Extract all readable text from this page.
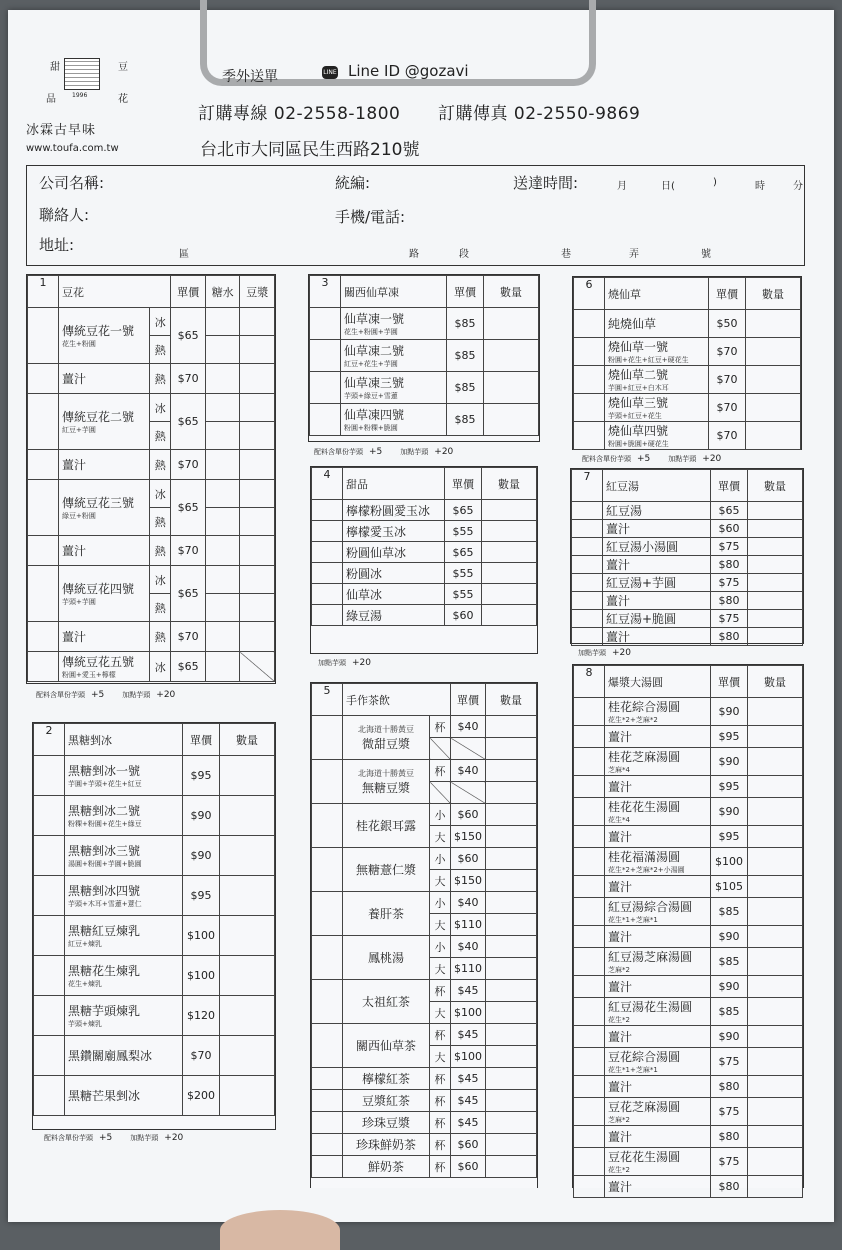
甜	豆
品	1996	花
冰霖古早味
www.toufa.com.tw
季外送單	LINE Line ID @gozavi
訂購專線 02-2558-1800 訂購傳真 02-2550-9869
台北市大同區民生西路210號
公司名稱:	統編:	送達時間:	月	日(	)	時	分
聯絡人:	手機/電話:
地址:
區	路	段	巷	弄	號
1	豆花		單價	糖水	豆漿
	傳統豆花一號
花生+粉圓	冰	$65		
		熱			
	薑汁	熱	$70		
	傳統豆花二號
紅豆+芋圓	冰	$65		
		熱			
	薑汁	熱	$70		
	傳統豆花三號
綠豆+粉圓	冰	$65		
		熱			
	薑汁	熱	$70		
	傳統豆花四號
芋頭+芋圓	冰	$65		
		熱			
	薑汁	熱	$70		
	傳統豆花五號
粉圓+愛玉+檸檬	冰	$65		
配料含單份芋頭 +5	加點芋頭 +20
2	黑糖剉冰	單價	數量
	黑糖剉冰一號
芋圓+芋頭+花生+紅豆	$95	
	黑糖剉冰二號
粉粿+粉圓+花生+綠豆	$90	
	黑糖剉冰三號
湯圓+粉圓+芋圓+脆圓	$90	
	黑糖剉冰四號
芋頭+木耳+雪蓮+薏仁	$95	
	黑糖紅豆煉乳
紅豆+煉乳	$100	
	黑糖花生煉乳
花生+煉乳	$100	
	黑糖芋頭煉乳
芋頭+煉乳	$120	
	黑鑽關廟鳳梨冰	$70	
	黑糖芒果剉冰	$200	
配料含單份芋頭 +5	加點芋頭 +20
3	關西仙草凍	單價	數量
	仙草凍一號
花生+粉圓+芋圓	$85	
	仙草凍二號
紅豆+花生+芋圓	$85	
	仙草凍三號
芋頭+綠豆+雪蓮	$85	
	仙草凍四號
粉圓+粉粿+脆圓	$85	
配料含單份芋頭 +5	加點芋頭 +20
4	甜品	單價	數量
	檸檬粉圓愛玉冰	$65	
	檸檬愛玉冰	$55	
	粉圓仙草冰	$65	
	粉圓冰	$55	
	仙草冰	$55	
	綠豆湯	$60	
加點芋頭 +20
5	手作茶飲		單價	數量

	北海道十勝黃豆
微甜豆漿	杯	$40	

	北海道十勝黃豆
無糖豆漿	杯	$40	

	桂花銀耳露	小	$60	
		大	$150	
	無糖薏仁漿	小	$60	
		大	$150	
	養肝茶	小	$40	
		大	$110	
	鳳桃湯	小	$40	
		大	$110	
	太祖紅茶	杯	$45	
		大	$100	
	關西仙草茶	杯	$45	
		大	$100	
	檸檬紅茶	杯	$45	
	豆漿紅茶	杯	$45	
	珍珠豆漿	杯	$45	
	珍珠鮮奶茶	杯	$60	
	鮮奶茶	杯	$60	
6	燒仙草	單價	數量
	純燒仙草	$50	
	燒仙草一號
粉圓+花生+紅豆+硬花生	$70	
	燒仙草二號
芋圓+紅豆+白木耳	$70	
	燒仙草三號
芋頭+紅豆+花生	$70	
	燒仙草四號
粉圓+脆圓+硬花生	$70	
配料含單份芋頭 +5	加點芋頭 +20
7	紅豆湯	單價	數量
	紅豆湯	$65	
	薑汁	$60	
	紅豆湯小湯圓	$75	
	薑汁	$80	
	紅豆湯+芋圓	$75	
	薑汁	$80	
	紅豆湯+脆圓	$75	
	薑汁	$80	
加點芋頭 +20
8	爆漿大湯圓	單價	數量
	桂花綜合湯圓
花生*2+芝麻*2	$90	
	薑汁	$95	
	桂花芝麻湯圓
芝麻*4	$90	
	薑汁	$95	
	桂花花生湯圓
花生*4	$90	
	薑汁	$95	
	桂花福滿湯圓
花生*2+芝麻*2+小湯圓	$100	
	薑汁	$105	
	紅豆湯綜合湯圓
花生*1+芝麻*1	$85	
	薑汁	$90	
	紅豆湯芝麻湯圓
芝麻*2	$85	
	薑汁	$90	
	紅豆湯花生湯圓
花生*2	$85	
	薑汁	$90	
	豆花綜合湯圓
花生*1+芝麻*1	$75	
	薑汁	$80	
	豆花芝麻湯圓
芝麻*2	$75	
	薑汁	$80	
	豆花花生湯圓
花生*2	$75	
	薑汁	$80	
